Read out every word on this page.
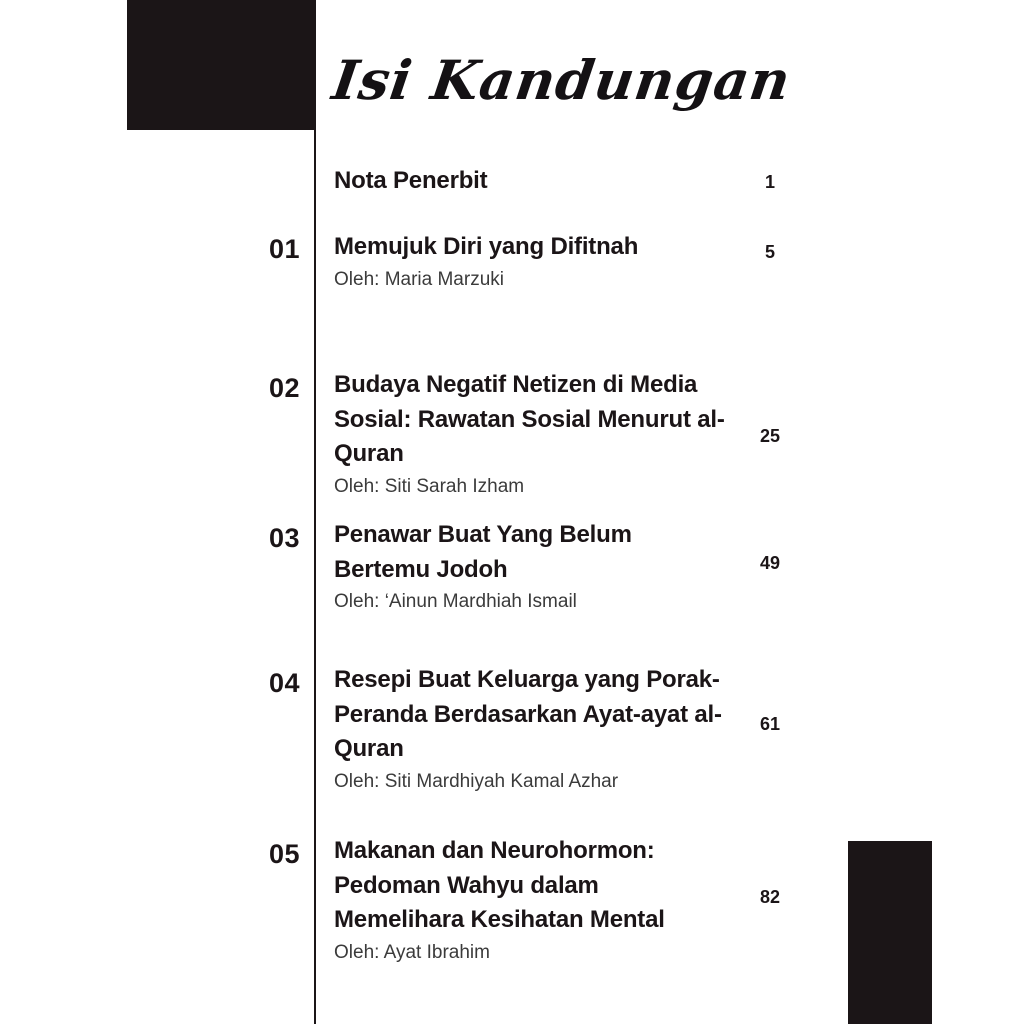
Isi Kandungan
Nota Penerbit	1
01 Memujuk Diri yang Difitnah
Oleh: Maria Marzuki
5
02 Budaya Negatif Netizen di Media Sosial: Rawatan Sosial Menurut al-Quran
Oleh: Siti Sarah Izham
25
03 Penawar Buat Yang Belum Bertemu Jodoh
Oleh: ‘Ainun Mardhiah Ismail
49
04 Resepi Buat Keluarga yang Porak-Peranda Berdasarkan Ayat-ayat al-Quran
Oleh: Siti Mardhiyah Kamal Azhar
61
05 Makanan dan Neurohormon: Pedoman Wahyu dalam Memelihara Kesihatan Mental
Oleh: Ayat Ibrahim
82
